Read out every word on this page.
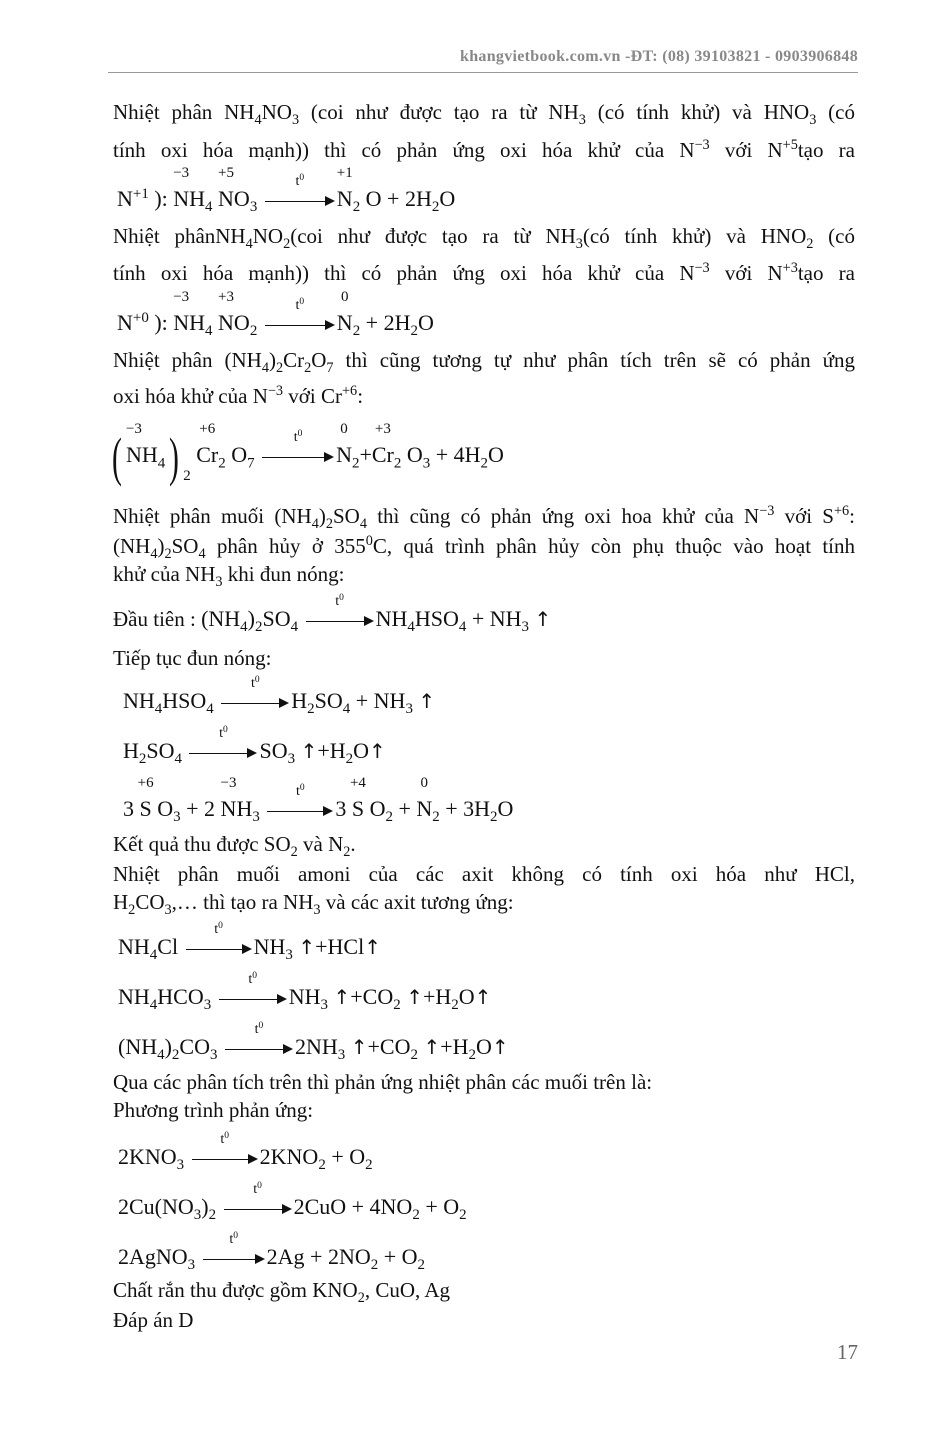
khangvietbook.com.vn -ĐT: (08) 39103821 - 0903906848
Nhiệt phân $NH_4NO_3$ (coi như được tạo ra từ $NH_3$ (có tính khử) và $HNO_3$ (có
tính oxi hóa mạnh)) thì có phản ứng oxi hóa khử của $N^{-3}$ với $N^{+5}tạo$ ra
$N^{+1}$ ):
−3
$NH_4$
+5
$NO_3$
$t^0 +1$
$N_2$ $O + 2H_2O$
Nhiệt $phânNH_4NO_2(coi$ như được tạo ra từ $NH_3(có$ tính khử) và $HNO_2$ (có
tính oxi hóa mạnh)) thì có phản ứng oxi hóa khử của $N^{-3}$ với $N^{+3}tạo$ ra
$N^{+0}$ ):
−3
$NH_4$
+3
$NO_2$
$t^0$ 0
$N_2 + 2H_2O$
Nhiệt phân $(NH_4)_2Cr_2O_7$ thì cũng tương tự như phân tích trên sẽ có phản ứng
oxi hóa khử của $N^{-3}$ với $Cr^{+6}$:
( −3
$NH_4$) $_2$
+6
$Cr_2$ $O_7$
$t^0$	0
$N_2+$
+3
$Cr_2$ $O_3 + 4H_2O$
Nhiệt phân muối $(NH_4)_2SO_4$ thì cũng có phản ứng oxi hoa khử của $N^{-3}$ với $S^{+6}$:
$(NH_4)_2SO_4$ phân hủy ở $355^0C$, quá trình phân hủy còn phụ thuộc vào hoạt tính
khử của $NH_3$ khi đun nóng:
Đầu tiên : $(NH_4)_2SO_4$
$t^0$
$NH_4HSO_4 + NH_3$ ↑
Tiếp tục đun nóng:
$NH_4HSO_4$
$t^0$
$H_2SO_4 + NH_3$ ↑
$H_2SO_4$
$t^0$
$SO_3$ $↑+H_2O↑$
3
+6
S $O_3 + 2$
−3
$NH_3$
$t^0$
3
+4
S $O_2$ +
0
$N_2 + 3H_2O$
Kết quả thu được $SO_2$ và $N_2$.
Nhiệt phân muối amoni của các axit không có tính oxi hóa như HCl,
$H_2CO_3,\dots$ thì tạo ra $NH_3$ và các axit tương ứng:
$NH_4Cl$
$t^0$
$NH_3$ ↑+HCl↑
$NH_4HCO_3$
$t^0$
$NH_3$ $↑+CO_2$ $↑+H_2O↑$
$(NH_4)_2CO_3$
$t^0$
$2NH_3$ $↑+CO_2$ $↑+H_2O↑$
Qua các phân tích trên thì phản ứng nhiệt phân các muối trên là:
Phương trình phản ứng:
$2KNO_3$
$t^0$
$2KNO_2 + O_2$
$2Cu(NO_3)_2$
$t^0$
$2CuO + 4NO_2 + O_2$
2AgNO$_3$
$t^0$
$2Ag + 2NO_2 + O_2$
Chất rắn thu được gồm $KNO_2$, CuO, Ag
Đáp án D
17
